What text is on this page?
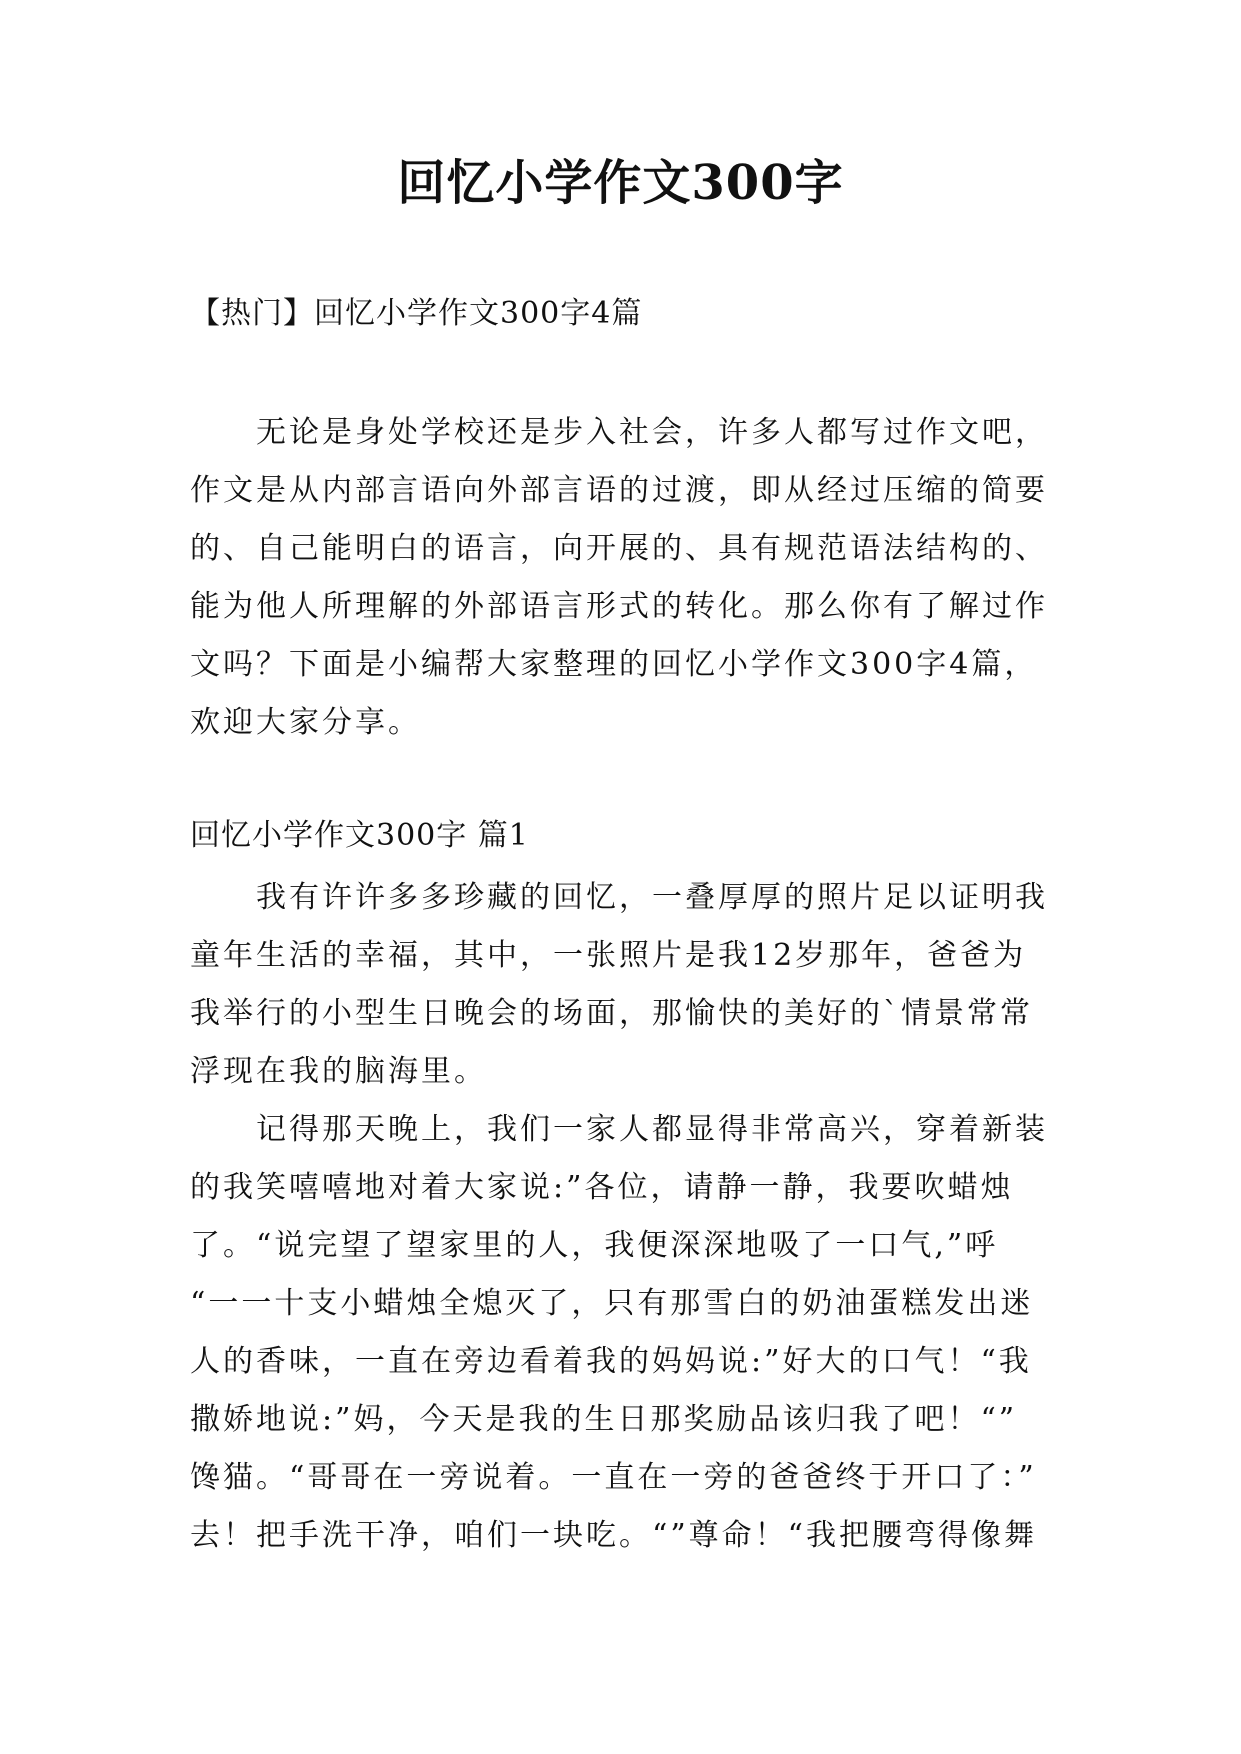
回忆小学作文300字
【热门】回忆小学作文300字4篇
　　无论是身处学校还是步入社会，许多人都写过作文吧，
作文是从内部言语向外部言语的过渡，即从经过压缩的简要
的、自己能明白的语言，向开展的、具有规范语法结构的、
能为他人所理解的外部语言形式的转化。那么你有了解过作
文吗？下面是小编帮大家整理的回忆小学作文300字4篇，
欢迎大家分享。
回忆小学作文300字 篇1
　　我有许许多多珍藏的回忆，一叠厚厚的照片足以证明我
童年生活的幸福，其中，一张照片是我12岁那年，爸爸为
我举行的小型生日晚会的场面，那愉快的美好的`情景常常
浮现在我的脑海里。
　　记得那天晚上，我们一家人都显得非常高兴，穿着新装
的我笑嘻嘻地对着大家说:”各位，请静一静，我要吹蜡烛
了。“说完望了望家里的人，我便深深地吸了一口气,”呼
“一一十支小蜡烛全熄灭了，只有那雪白的奶油蛋糕发出迷
人的香味，一直在旁边看着我的妈妈说:”好大的口气！“我
撒娇地说:”妈，今天是我的生日那奖励品该归我了吧！“”
馋猫。“哥哥在一旁说着。一直在一旁的爸爸终于开口了：”
去！把手洗干净，咱们一块吃。“”尊命！“我把腰弯得像舞
